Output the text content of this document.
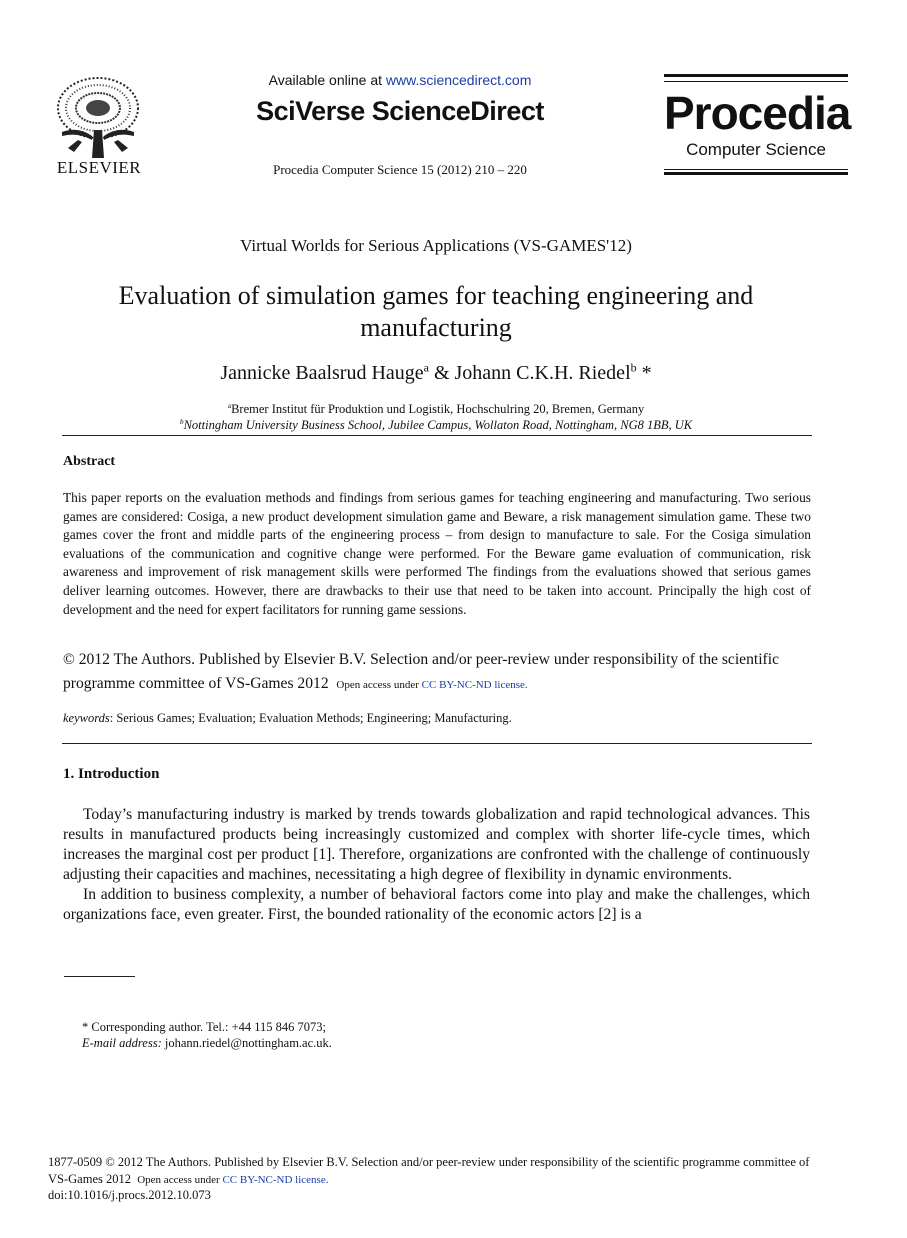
ELSEVIER
Available online at www.sciencedirect.com
SciVerse ScienceDirect
Procedia Computer Science 15 (2012) 210 – 220
Procedia
Computer Science
Virtual Worlds for Serious Applications (VS-GAMES'12)
Evaluation of simulation games for teaching engineering and
manufacturing
Jannicke Baalsrud Hauge$^a$ & Johann C.K.H. Riedel$^b$ *
$^a$Bremer Institut für Produktion und Logistik, Hochschulring 20, Bremen, Germany
$^b$Nottingham University Business School, Jubilee Campus, Wollaton Road, Nottingham, NG8 1BB, UK
Abstract
This paper reports on the evaluation methods and findings from serious games for teaching engineering and manufacturing. Two serious games are considered: Cosiga, a new product development simulation game and Beware, a risk management simulation game. These two games cover the front and middle parts of the engineering process – from design to manufacture to sale. For the Cosiga simulation evaluations of the communication and cognitive change were performed. For the Beware game evaluation of communication, risk awareness and improvement of risk management skills were performed The findings from the evaluations showed that serious games deliver learning outcomes. However, there are drawbacks to their use that need to be taken into account. Principally the high cost of development and the need for expert facilitators for running game sessions.
© 2012 The Authors. Published by Elsevier B.V. Selection and/or peer-review under responsibility of the scientific
programme committee of VS-Games 2012 Open access under CC BY-NC-ND license.
keywords: Serious Games; Evaluation; Evaluation Methods; Engineering; Manufacturing.
1. Introduction

Today’s manufacturing industry is marked by trends towards globalization and rapid technological advances. This results in manufactured products being increasingly customized and complex with shorter life-cycle times, which increases the marginal cost per product [1]. Therefore, organizations are confronted with the challenge of continuously adjusting their capacities and machines, necessitating a high degree of flexibility in dynamic environments.

In addition to business complexity, a number of behavioral factors come into play and make the challenges, which organizations face, even greater. First, the bounded rationality of the economic actors [2] is a

* Corresponding author. Tel.: +44 115 846 7073;
E-mail address: johann.riedel@nottingham.ac.uk.
1877-0509 © 2012 The Authors. Published by Elsevier B.V. Selection and/or peer-review under responsibility of the scientific programme committee of
VS-Games 2012 Open access under CC BY-NC-ND license.
doi:10.1016/j.procs.2012.10.073
